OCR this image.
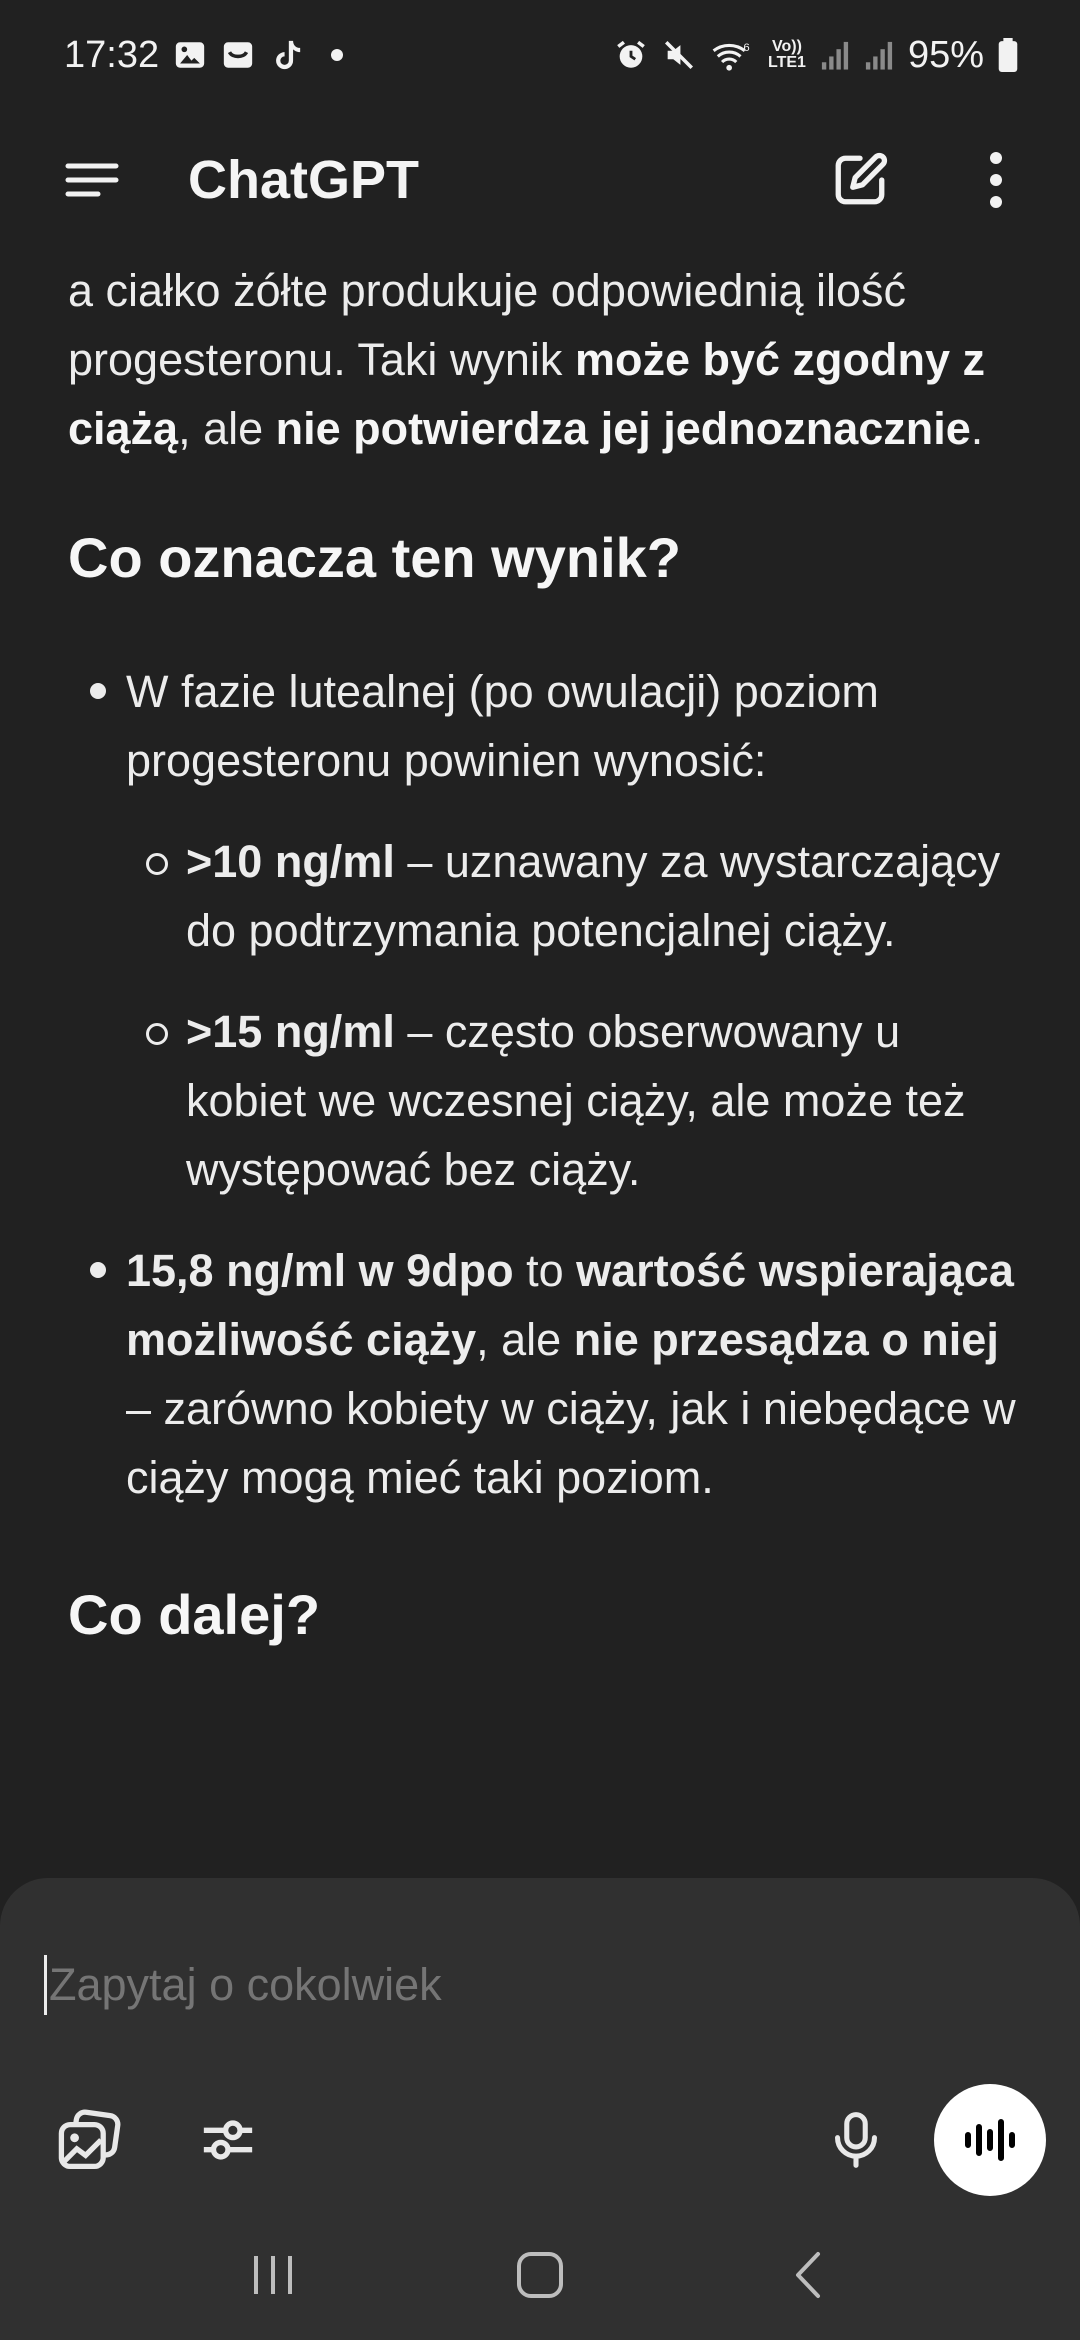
17:32	6 Vo))
LTE1	95%
ChatGPT

a ciałko żółte produkuje odpowiednią ilość progesteronu. Taki wynik może być zgodny z ciążą, ale nie potwierdza jej jednoznacznie.

Co oznacza ten wynik?
W fazie lutealnej (po owulacji) poziom progesteronu powinien wynosić:
>10 ng/ml – uznawany za wystarczający do podtrzymania potencjalnej ciąży.
>15 ng/ml – często obserwowany u kobiet we wczesnej ciąży, ale może też występować bez ciąży.
15,8 ng/ml w 9dpo to wartość wspierająca możliwość ciąży, ale nie przesądza o niej – zarówno kobiety w ciąży, jak i niebędące w ciąży mogą mieć taki poziom.
Co dalej?
Zapytaj o cokolwiek
